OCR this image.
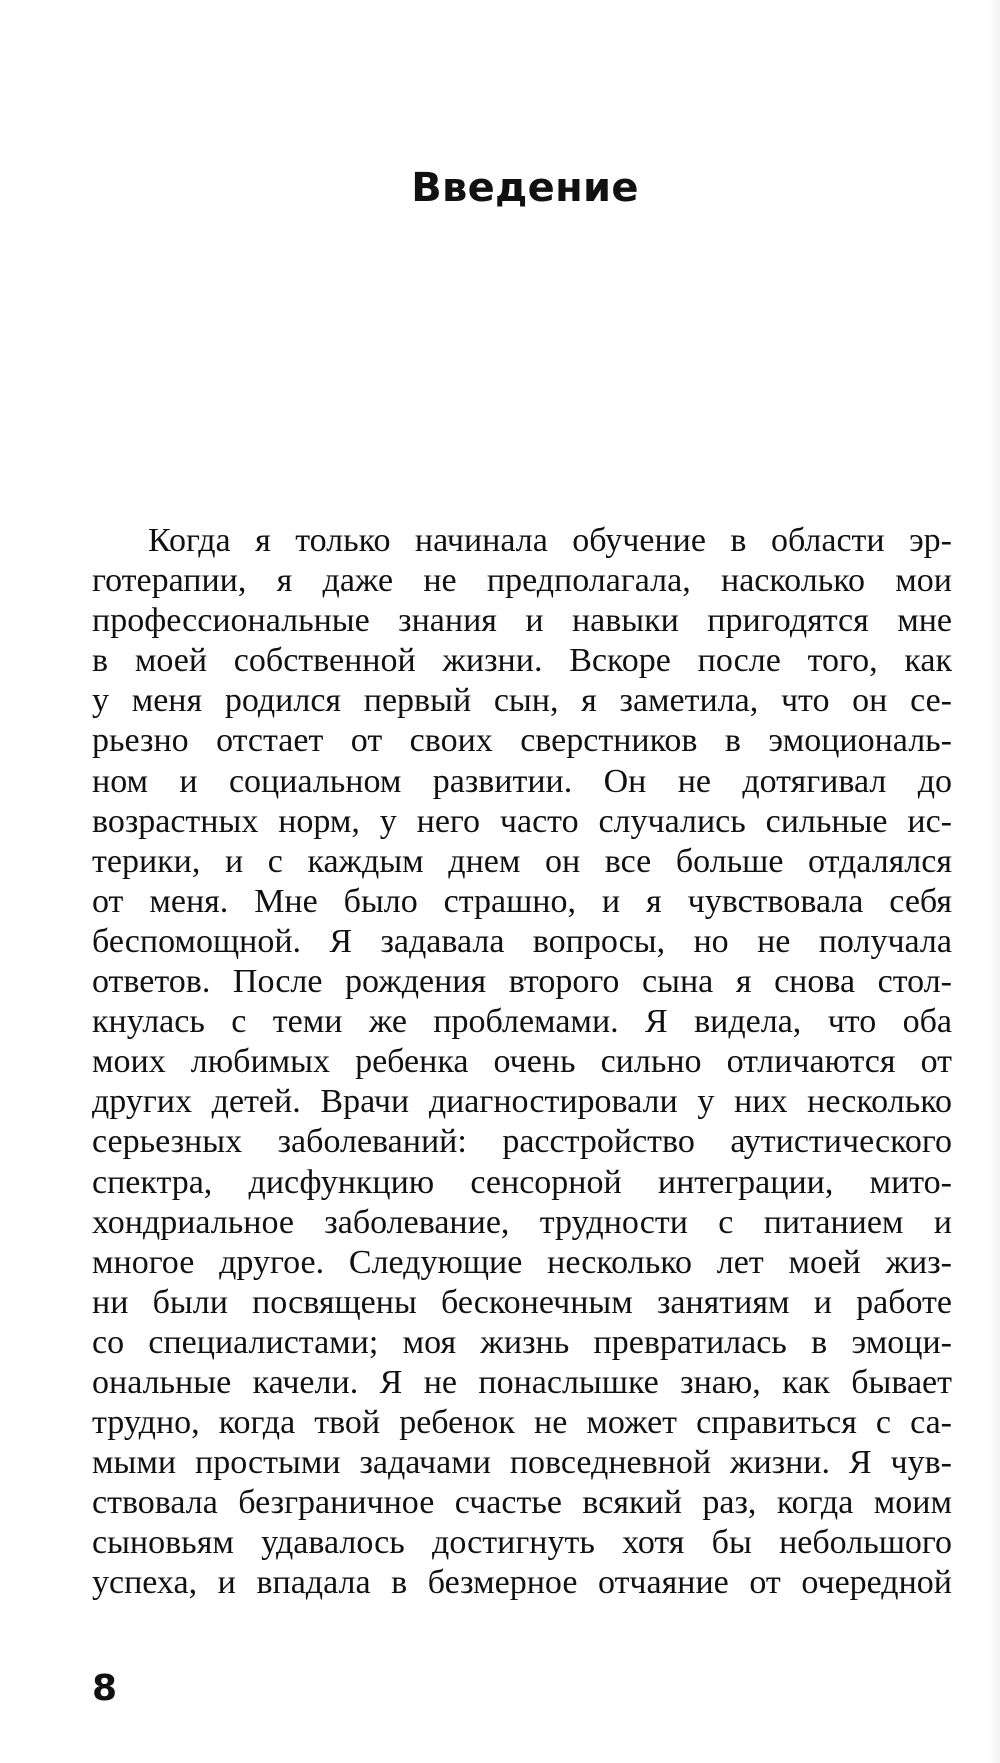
Введение
Когда я только начинала обучение в области эр-
готерапии, я даже не предполагала, насколько мои
профессиональные знания и навыки пригодятся мне
в моей собственной жизни. Вскоре после того, как
у меня родился первый сын, я заметила, что он се-
рьезно отстает от своих сверстников в эмоциональ-
ном и социальном развитии. Он не дотягивал до
возрастных норм, у него часто случались сильные ис-
терики, и с каждым днем он все больше отдалялся
от меня. Мне было страшно, и я чувствовала себя
беспомощной. Я задавала вопросы, но не получала
ответов. После рождения второго сына я снова стол-
кнулась с теми же проблемами. Я видела, что оба
моих любимых ребенка очень сильно отличаются от
других детей. Врачи диагностировали у них несколько
серьезных заболеваний: расстройство аутистического
спектра, дисфункцию сенсорной интеграции, мито-
хондриальное заболевание, трудности с питанием и
многое другое. Следующие несколько лет моей жиз-
ни были посвящены бесконечным занятиям и работе
со специалистами; моя жизнь превратилась в эмоци-
ональные качели. Я не понаслышке знаю, как бывает
трудно, когда твой ребенок не может справиться с са-
мыми простыми задачами повседневной жизни. Я чув-
ствовала безграничное счастье всякий раз, когда моим
сыновьям удавалось достигнуть хотя бы небольшого
успеха, и впадала в безмерное отчаяние от очередной
8
